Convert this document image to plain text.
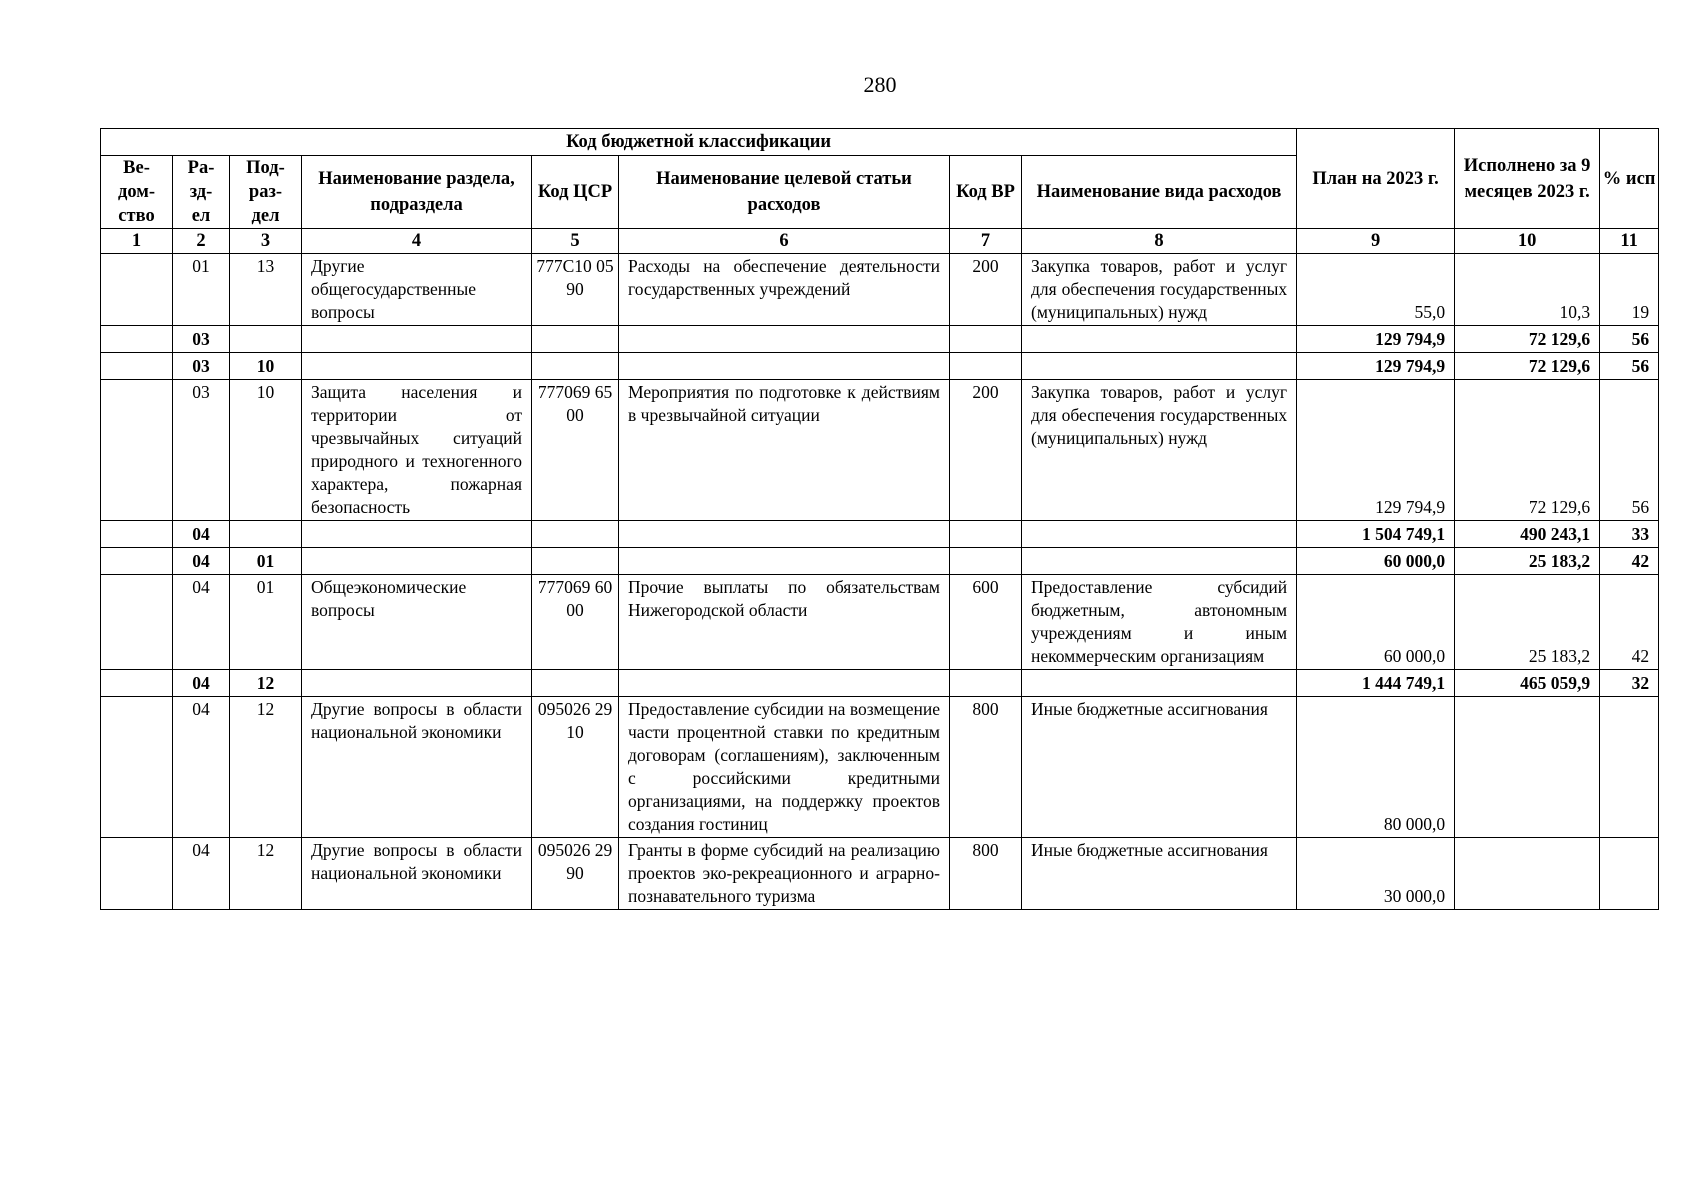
280
Код бюджетной классификации								План на 2023 г.	Исполнено за 9 месяцев 2023 г.	% исп
Ве-
дом-
ство	Ра-
зд-
ел	Под-
раз-
дел	Наименование раздела, подраздела	Код ЦСР	Наименование целевой статьи расходов	Код ВР	Наименование вида расходов			
1	2	3	4	5	6	7	8	9	10	11
	01	13	Другие общегосударственные вопросы	777С10 0590	Расходы на обеспечение деятельности государственных учреждений	200	Закупка товаров, работ и услуг для обеспечения государственных (муниципальных) нужд	55,0	10,3	19
	03							129 794,9	72 129,6	56
	03	10						129 794,9	72 129,6	56
	03	10	Защита населения и территории от чрезвычайных ситуаций природного и техногенного характера, пожарная безопасность	777069 6500	Мероприятия по подготовке к действиям в чрезвычайной ситуации	200	Закупка товаров, работ и услуг для обеспечения государственных (муниципальных) нужд	129 794,9	72 129,6	56
	04							1 504 749,1	490 243,1	33
	04	01						60 000,0	25 183,2	42
	04	01	Общеэкономические вопросы	777069 6000	Прочие выплаты по обязательствам Нижегородской области	600	Предоставление субсидий бюджетным, автономным учреждениям и иным некоммерческим организациям	60 000,0	25 183,2	42
	04	12						1 444 749,1	465 059,9	32
	04	12	Другие вопросы в области национальной экономики	095026 2910	Предоставление субсидии на возмещение части процентной ставки по кредитным договорам (соглашениям), заключенным с российскими кредитными организациями, на поддержку проектов создания гостиниц	800	Иные бюджетные ассигнования	80 000,0		
	04	12	Другие вопросы в области национальной экономики	095026 2990	Гранты в форме субсидий на реализацию проектов эко-рекреационного и аграрно-познавательного туризма	800	Иные бюджетные ассигнования	30 000,0		
